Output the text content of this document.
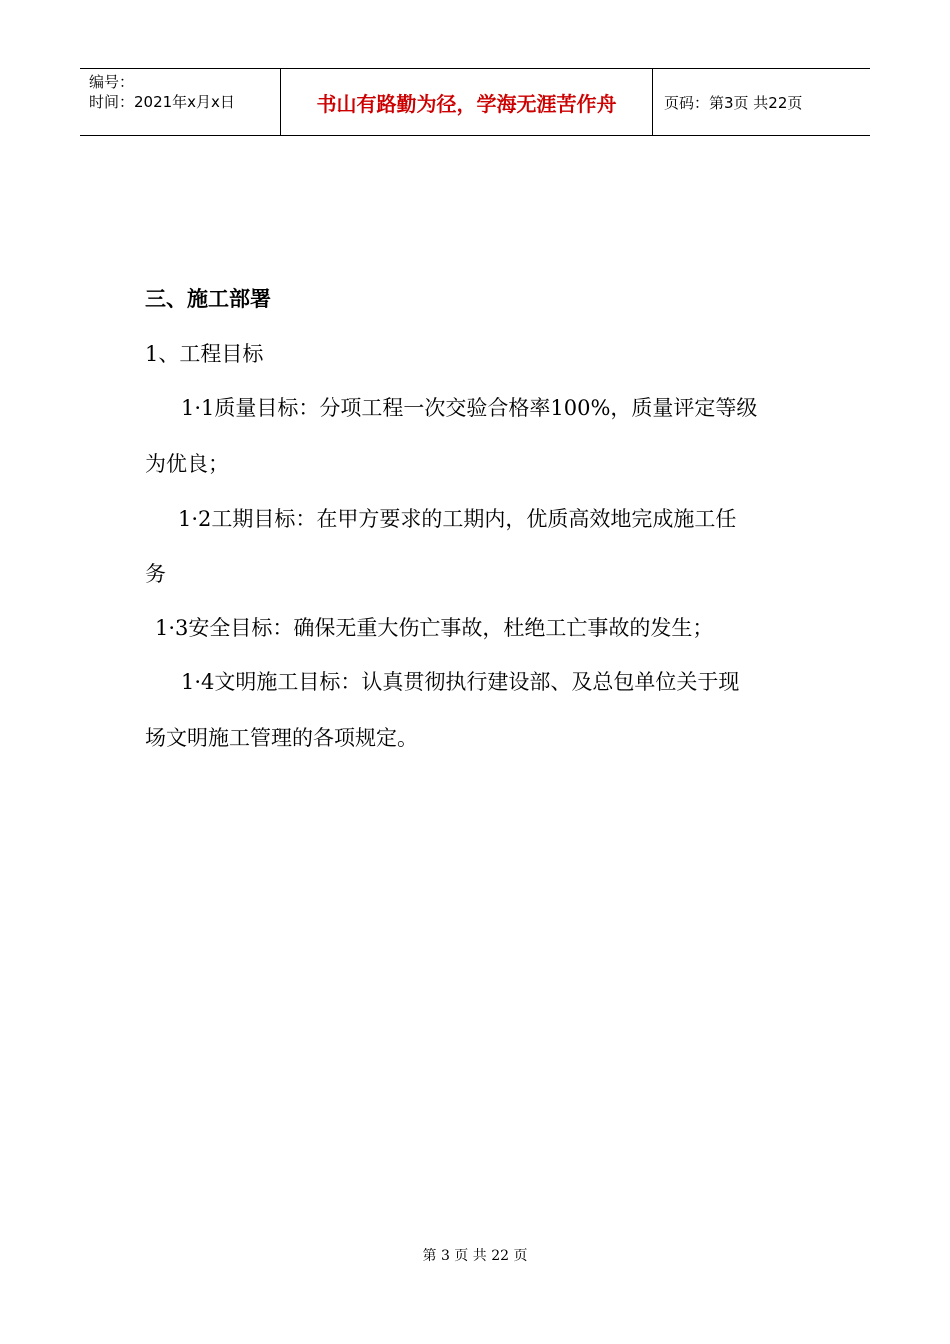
编号：
时间：2021年x月x日	书山有路勤为径，学海无涯苦作舟	页码：第3页 共22页
三、施工部署
1、工程目标
1·1质量目标：分项工程一次交验合格率100%，质量评定等级
为优良；
1·2工期目标：在甲方要求的工期内，优质高效地完成施工任
务
1·3安全目标：确保无重大伤亡事故，杜绝工亡事故的发生；
1·4文明施工目标：认真贯彻执行建设部、及总包单位关于现
场文明施工管理的各项规定。
第 3 页 共 22 页
